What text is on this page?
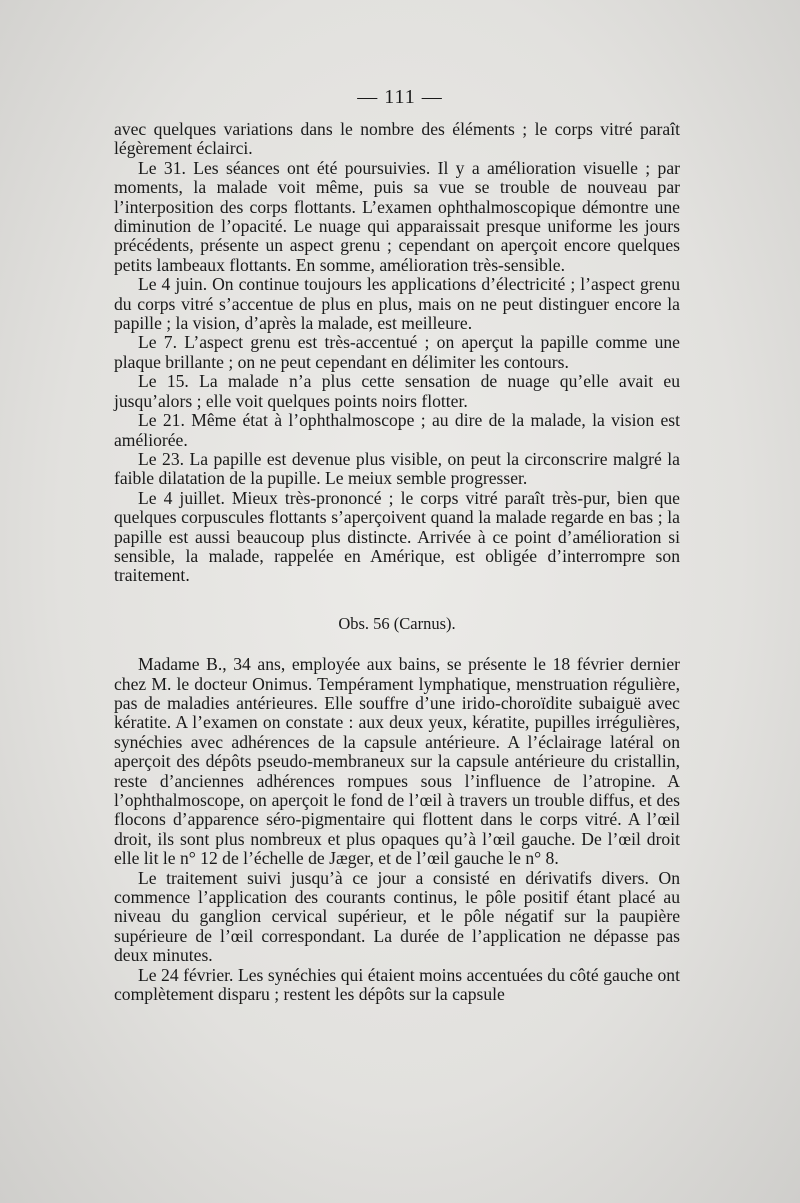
— 111 —

avec quelques variations dans le nombre des éléments ; le corps vitré paraît légèrement éclairci.

Le 31. Les séances ont été poursuivies. Il y a amélioration visuelle ; par moments, la malade voit même, puis sa vue se trouble de nouveau par l’interposition des corps flottants. L’examen ophthalmoscopique démontre une diminution de l’opacité. Le nuage qui apparaissait presque uniforme les jours précédents, présente un aspect grenu ; cependant on aperçoit encore quelques petits lambeaux flottants. En somme, amélioration très-sensible.

Le 4 juin. On continue toujours les applications d’électricité ; l’aspect grenu du corps vitré s’accentue de plus en plus, mais on ne peut distinguer encore la papille ; la vision, d’après la malade, est meilleure.

Le 7. L’aspect grenu est très-accentué ; on aperçut la papille comme une plaque brillante ; on ne peut cependant en délimiter les contours.

Le 15. La malade n’a plus cette sensation de nuage qu’elle avait eu jusqu’alors ; elle voit quelques points noirs flotter.

Le 21. Même état à l’ophthalmoscope ; au dire de la malade, la vision est améliorée.

Le 23. La papille est devenue plus visible, on peut la circonscrire malgré la faible dilatation de la pupille. Le meiux semble progresser.

Le 4 juillet. Mieux très-prononcé ; le corps vitré paraît très-pur, bien que quelques corpuscules flottants s’aperçoivent quand la malade regarde en bas ; la papille est aussi beaucoup plus distincte. Arrivée à ce point d’amélioration si sensible, la malade, rappelée en Amérique, est obligée d’interrompre son traitement.

Obs. 56 (Carnus).

Madame B., 34 ans, employée aux bains, se présente le 18 février dernier chez M. le docteur Onimus. Tempérament lymphatique, menstruation régulière, pas de maladies antérieures. Elle souffre d’une irido-choroïdite subaiguë avec kératite. A l’examen on constate : aux deux yeux, kératite, pupilles irrégulières, synéchies avec adhérences de la capsule antérieure. A l’éclairage latéral on aperçoit des dépôts pseudo-membraneux sur la capsule antérieure du cristallin, reste d’anciennes adhérences rompues sous l’influence de l’atropine. A l’ophthalmoscope, on aperçoit le fond de l’œil à travers un trouble diffus, et des flocons d’apparence séro-pigmentaire qui flottent dans le corps vitré. A l’œil droit, ils sont plus nombreux et plus opaques qu’à l’œil gauche. De l’œil droit elle lit le n° 12 de l’échelle de Jæger, et de l’œil gauche le n° 8.

Le traitement suivi jusqu’à ce jour a consisté en dérivatifs divers. On commence l’application des courants continus, le pôle positif étant placé au niveau du ganglion cervical supérieur, et le pôle négatif sur la paupière supérieure de l’œil correspondant. La durée de l’application ne dépasse pas deux minutes.

Le 24 février. Les synéchies qui étaient moins accentuées du côté gauche ont complètement disparu ; restent les dépôts sur la capsule
